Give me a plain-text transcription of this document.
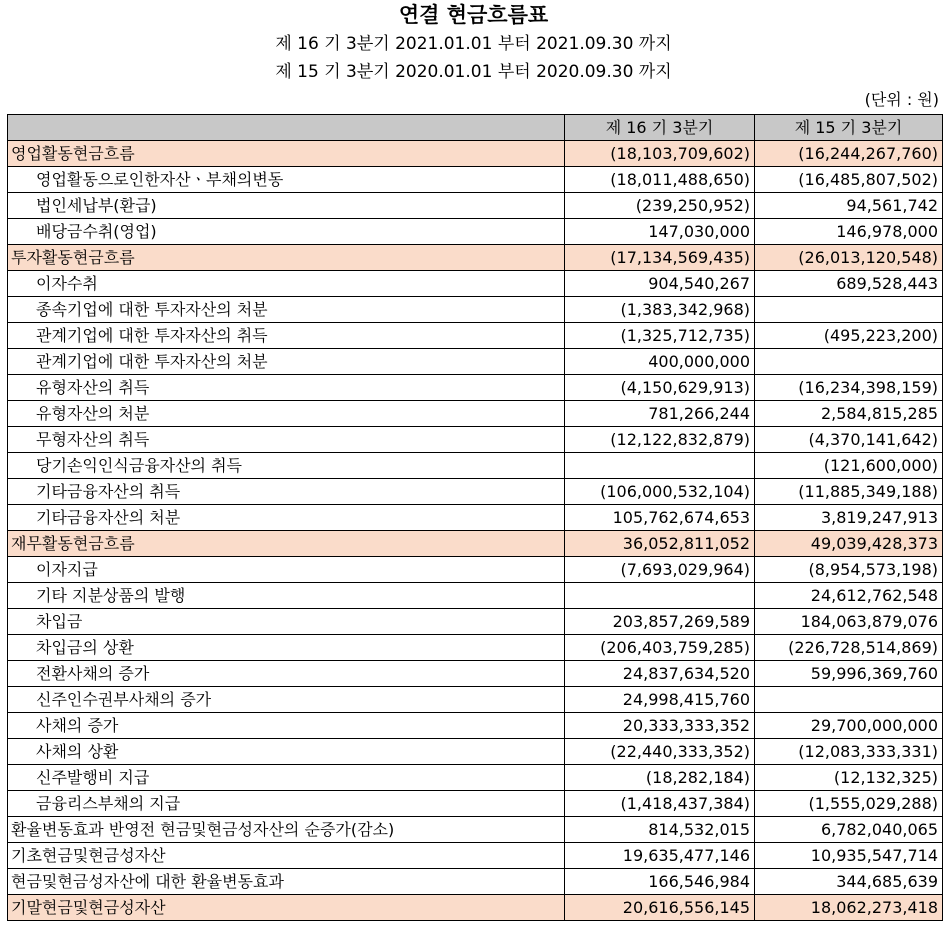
연결 현금흐름표
제 16 기 3분기 2021.01.01 부터 2021.09.30 까지
제 15 기 3분기 2020.01.01 부터 2020.09.30 까지
(단위 : 원)
	제 16 기 3분기	제 15 기 3분기
영업활동현금흐름	(18,103,709,602)	(16,244,267,760)
영업활동으로인한자산ㆍ부채의변동	(18,011,488,650)	(16,485,807,502)
법인세납부(환급)	(239,250,952)	94,561,742
배당금수취(영업)	147,030,000	146,978,000
투자활동현금흐름	(17,134,569,435)	(26,013,120,548)
이자수취	904,540,267	689,528,443
종속기업에 대한 투자자산의 처분	(1,383,342,968)	
관계기업에 대한 투자자산의 취득	(1,325,712,735)	(495,223,200)
관계기업에 대한 투자자산의 처분	400,000,000	
유형자산의 취득	(4,150,629,913)	(16,234,398,159)
유형자산의 처분	781,266,244	2,584,815,285
무형자산의 취득	(12,122,832,879)	(4,370,141,642)
당기손익인식금융자산의 취득		(121,600,000)
기타금융자산의 취득	(106,000,532,104)	(11,885,349,188)
기타금융자산의 처분	105,762,674,653	3,819,247,913
재무활동현금흐름	36,052,811,052	49,039,428,373
이자지급	(7,693,029,964)	(8,954,573,198)
기타 지분상품의 발행		24,612,762,548
차입금	203,857,269,589	184,063,879,076
차입금의 상환	(206,403,759,285)	(226,728,514,869)
전환사채의 증가	24,837,634,520	59,996,369,760
신주인수권부사채의 증가	24,998,415,760	
사채의 증가	20,333,333,352	29,700,000,000
사채의 상환	(22,440,333,352)	(12,083,333,331)
신주발행비 지급	(18,282,184)	(12,132,325)
금융리스부채의 지급	(1,418,437,384)	(1,555,029,288)
환율변동효과 반영전 현금및현금성자산의 순증가(감소)	814,532,015	6,782,040,065
기초현금및현금성자산	19,635,477,146	10,935,547,714
현금및현금성자산에 대한 환율변동효과	166,546,984	344,685,639
기말현금및현금성자산	20,616,556,145	18,062,273,418
